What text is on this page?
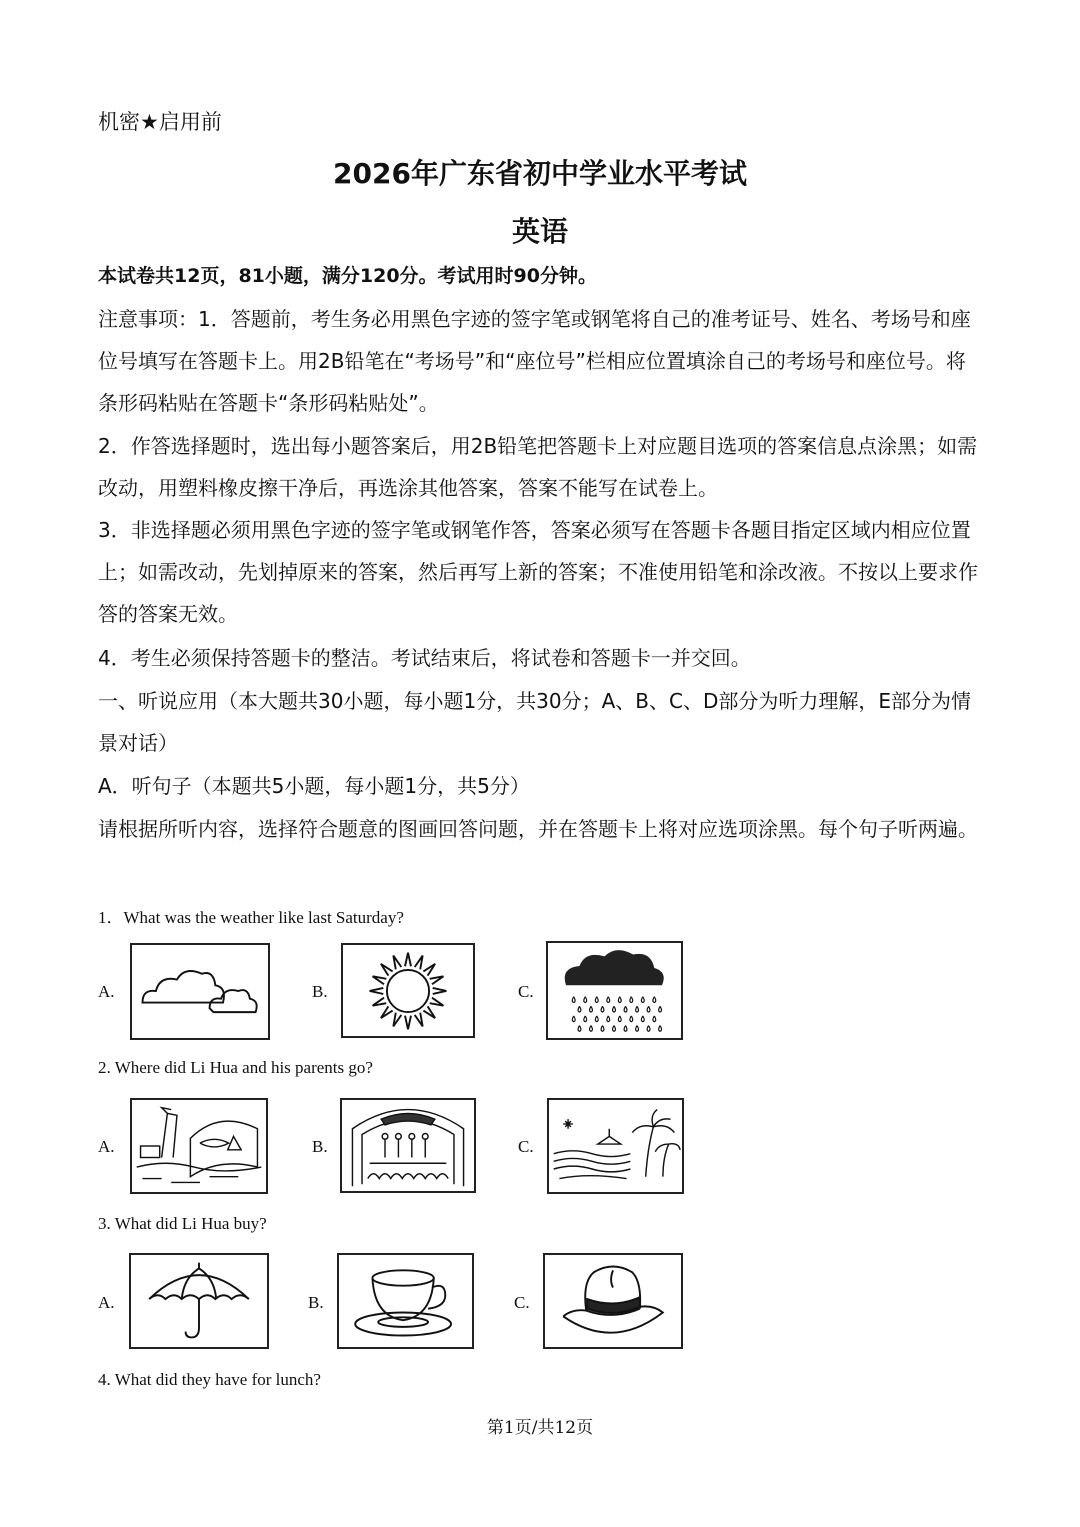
机密★启用前
2026年广东省初中学业水平考试
英语
本试卷共12页，81小题，满分120分。考试用时90分钟。
注意事项：1．答题前，考生务必用黑色字迹的签字笔或钢笔将自己的准考证号、姓名、考场号和座位号填写在答题卡上。用2B铅笔在“考场号”和“座位号”栏相应位置填涂自己的考场号和座位号。将条形码粘贴在答题卡“条形码粘贴处”。
2．作答选择题时，选出每小题答案后，用2B铅笔把答题卡上对应题目选项的答案信息点涂黑；如需改动，用塑料橡皮擦干净后，再选涂其他答案，答案不能写在试卷上。
3．非选择题必须用黑色字迹的签字笔或钢笔作答，答案必须写在答题卡各题目指定区域内相应位置上；如需改动，先划掉原来的答案，然后再写上新的答案；不准使用铅笔和涂改液。不按以上要求作答的答案无效。
4．考生必须保持答题卡的整洁。考试结束后，将试卷和答题卡一并交回。
一、听说应用（本大题共30小题，每小题1分，共30分；A、B、C、D部分为听力理解，E部分为情景对话）
A．听句子（本题共5小题，每小题1分，共5分）
请根据所听内容，选择符合题意的图画回答问题，并在答题卡上将对应选项涂黑。每个句子听两遍。
1．What was the weather like last Saturday?
A.	B.	C.
2. Where did Li Hua and his parents go?
A.	B.	C.
3. What did Li Hua buy?
A.	B.	C.
4. What did they have for lunch?
第1页/共12页
